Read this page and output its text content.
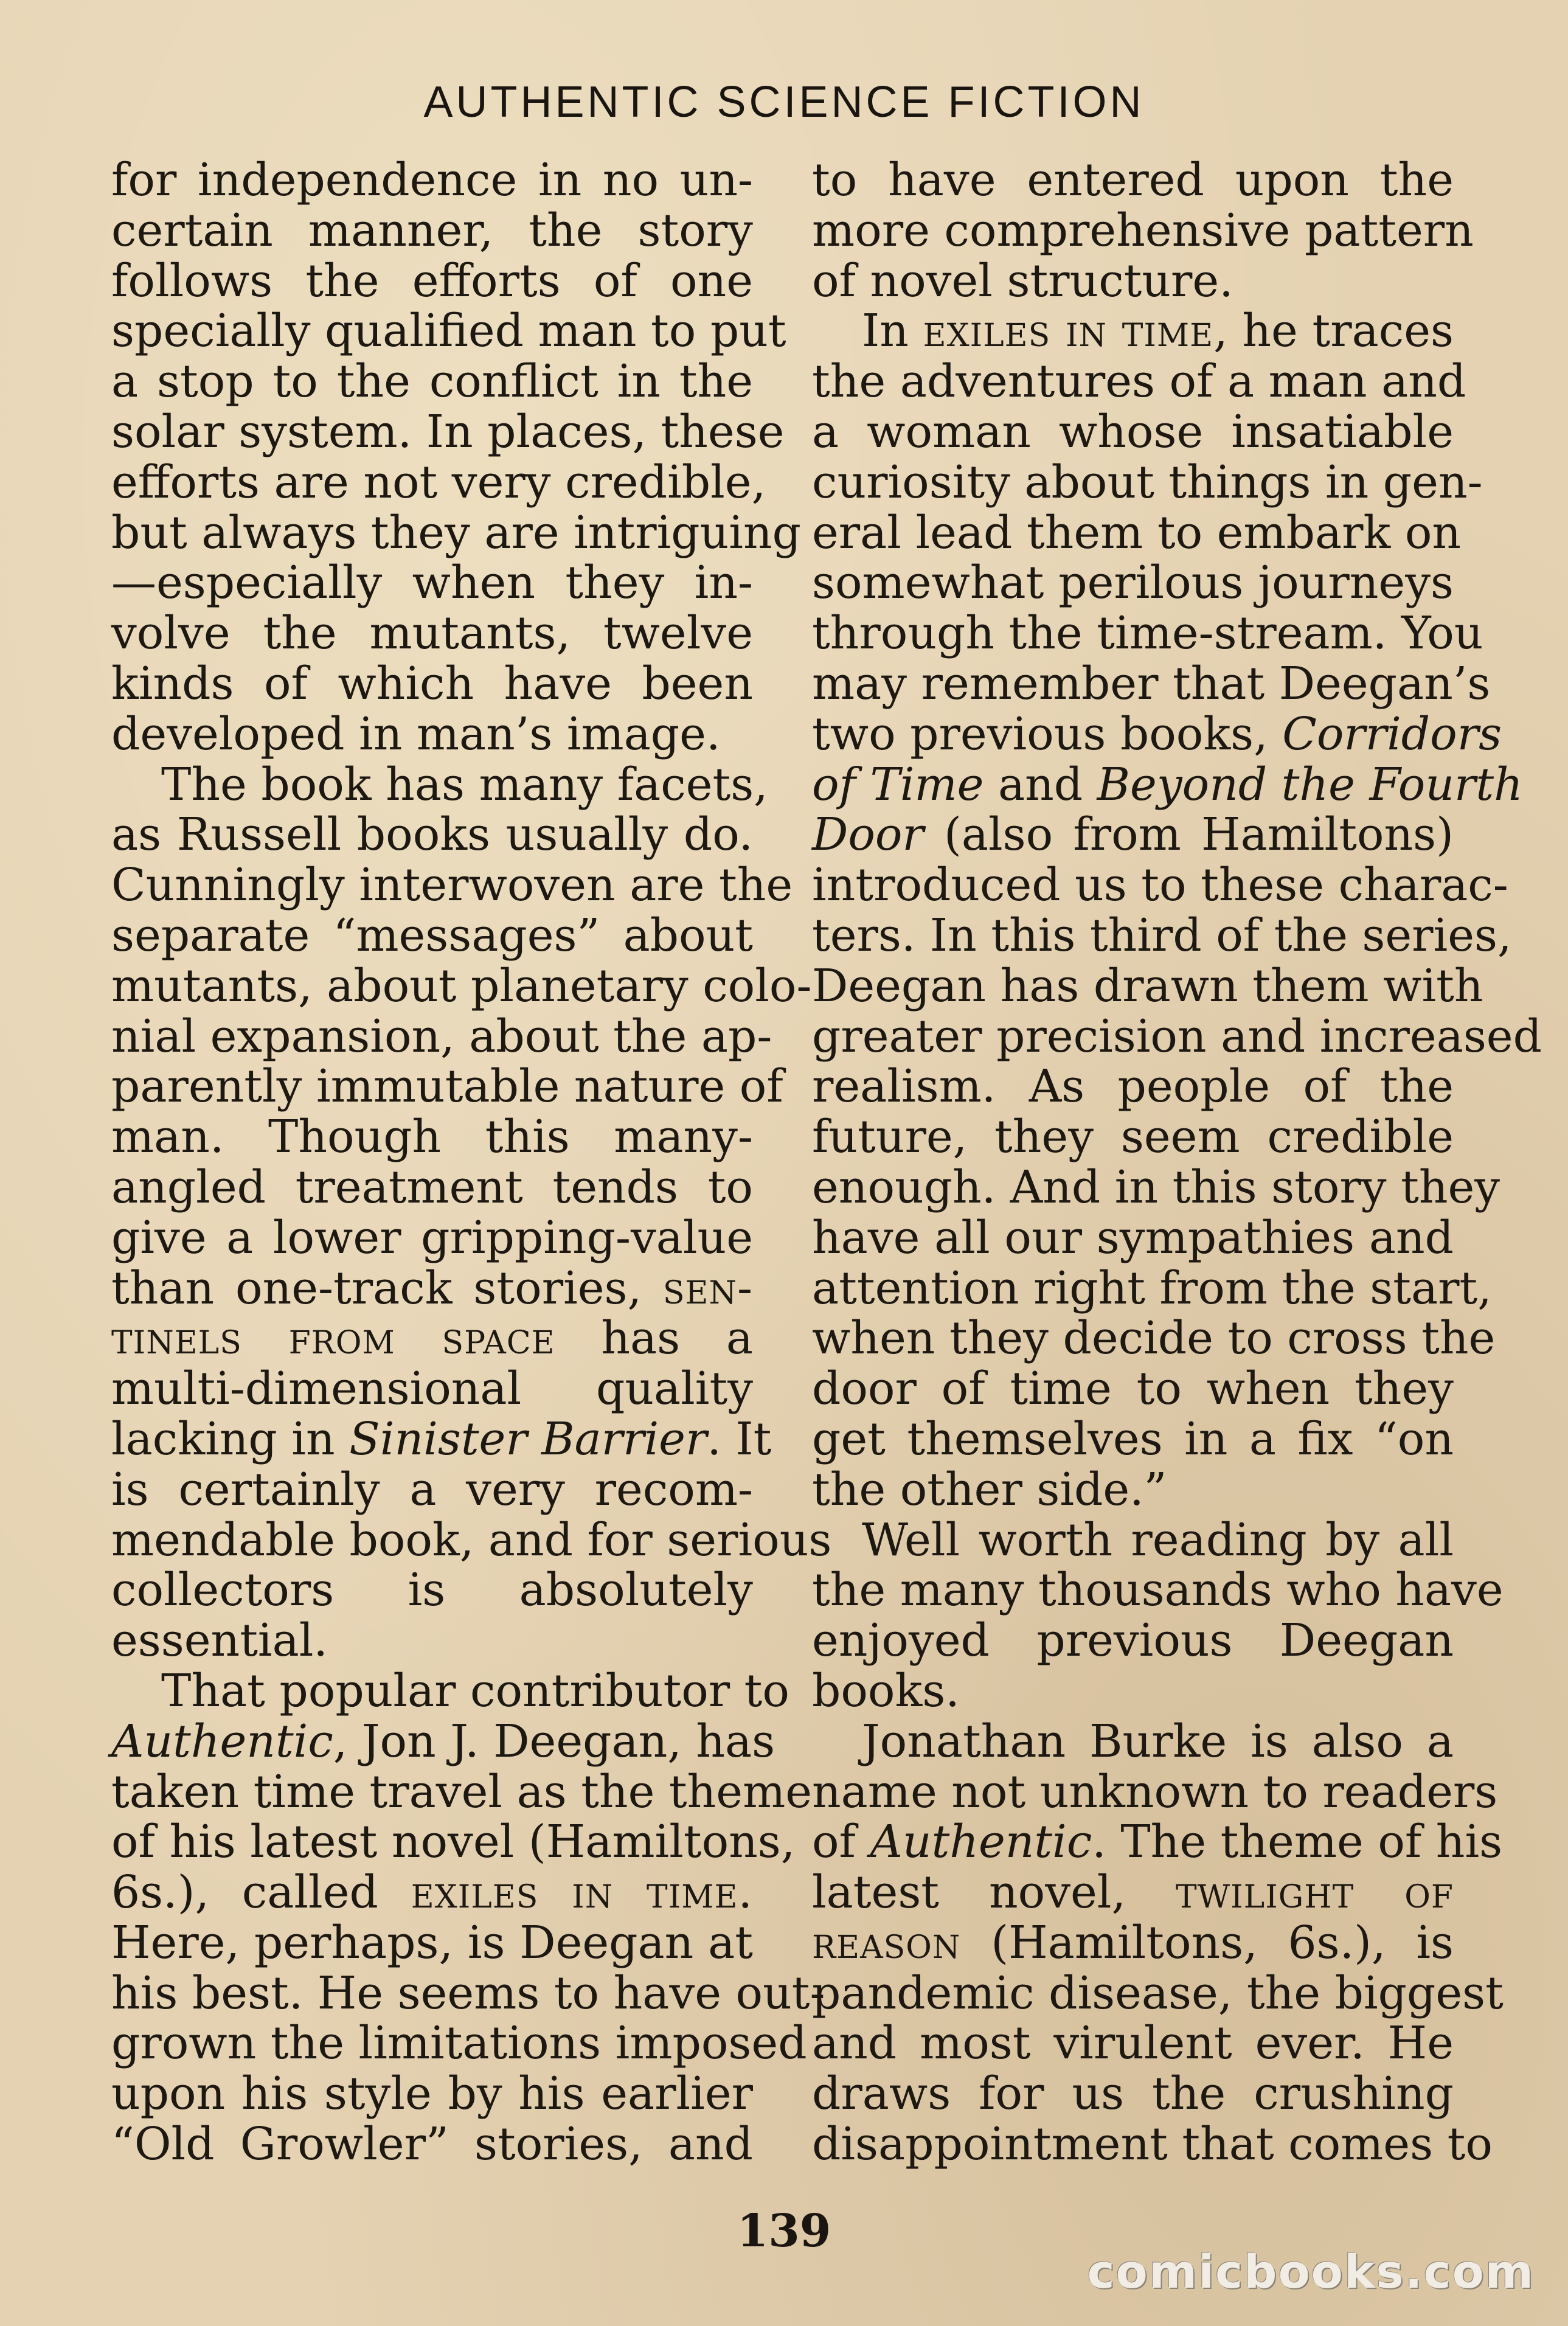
AUTHENTIC SCIENCE FICTION
for independence in no un-
certain manner, the story
follows the efforts of one
specially qualified man to put
a stop to the conflict in the
solar system. In places, these
efforts are not very credible,
but always they are intriguing
—especially when they in-
volve the mutants, twelve
kinds of which have been
developed in man’s image.
The book has many facets,
as Russell books usually do.
Cunningly interwoven are the
separate “messages” about
mutants, about planetary colo-
nial expansion, about the ap-
parently immutable nature of
man. Though this many-
angled treatment tends to
give a lower gripping-value
than one-track stories, sen-
tinels from space has a
multi-dimensional quality
lacking in Sinister Barrier. It
is certainly a very recom-
mendable book, and for serious
collectors is absolutely
essential.
That popular contributor to
Authentic, Jon J. Deegan, has
taken time travel as the theme
of his latest novel (Hamiltons,
6s.), called exiles in time.
Here, perhaps, is Deegan at
his best. He seems to have out-
grown the limitations imposed
upon his style by his earlier
“Old Growler” stories, and
to have entered upon the
more comprehensive pattern
of novel structure.
In exiles in time, he traces
the adventures of a man and
a woman whose insatiable
curiosity about things in gen-
eral lead them to embark on
somewhat perilous journeys
through the time-stream. You
may remember that Deegan’s
two previous books, Corridors
of Time and Beyond the Fourth
Door (also from Hamiltons)
introduced us to these charac-
ters. In this third of the series,
Deegan has drawn them with
greater precision and increased
realism. As people of the
future, they seem credible
enough. And in this story they
have all our sympathies and
attention right from the start,
when they decide to cross the
door of time to when they
get themselves in a fix “on
the other side.”
Well worth reading by all
the many thousands who have
enjoyed previous Deegan
books.
Jonathan Burke is also a
name not unknown to readers
of Authentic. The theme of his
latest novel, twilight of
reason (Hamiltons, 6s.), is
pandemic disease, the biggest
and most virulent ever. He
draws for us the crushing
disappointment that comes to
139
comicbooks.com
